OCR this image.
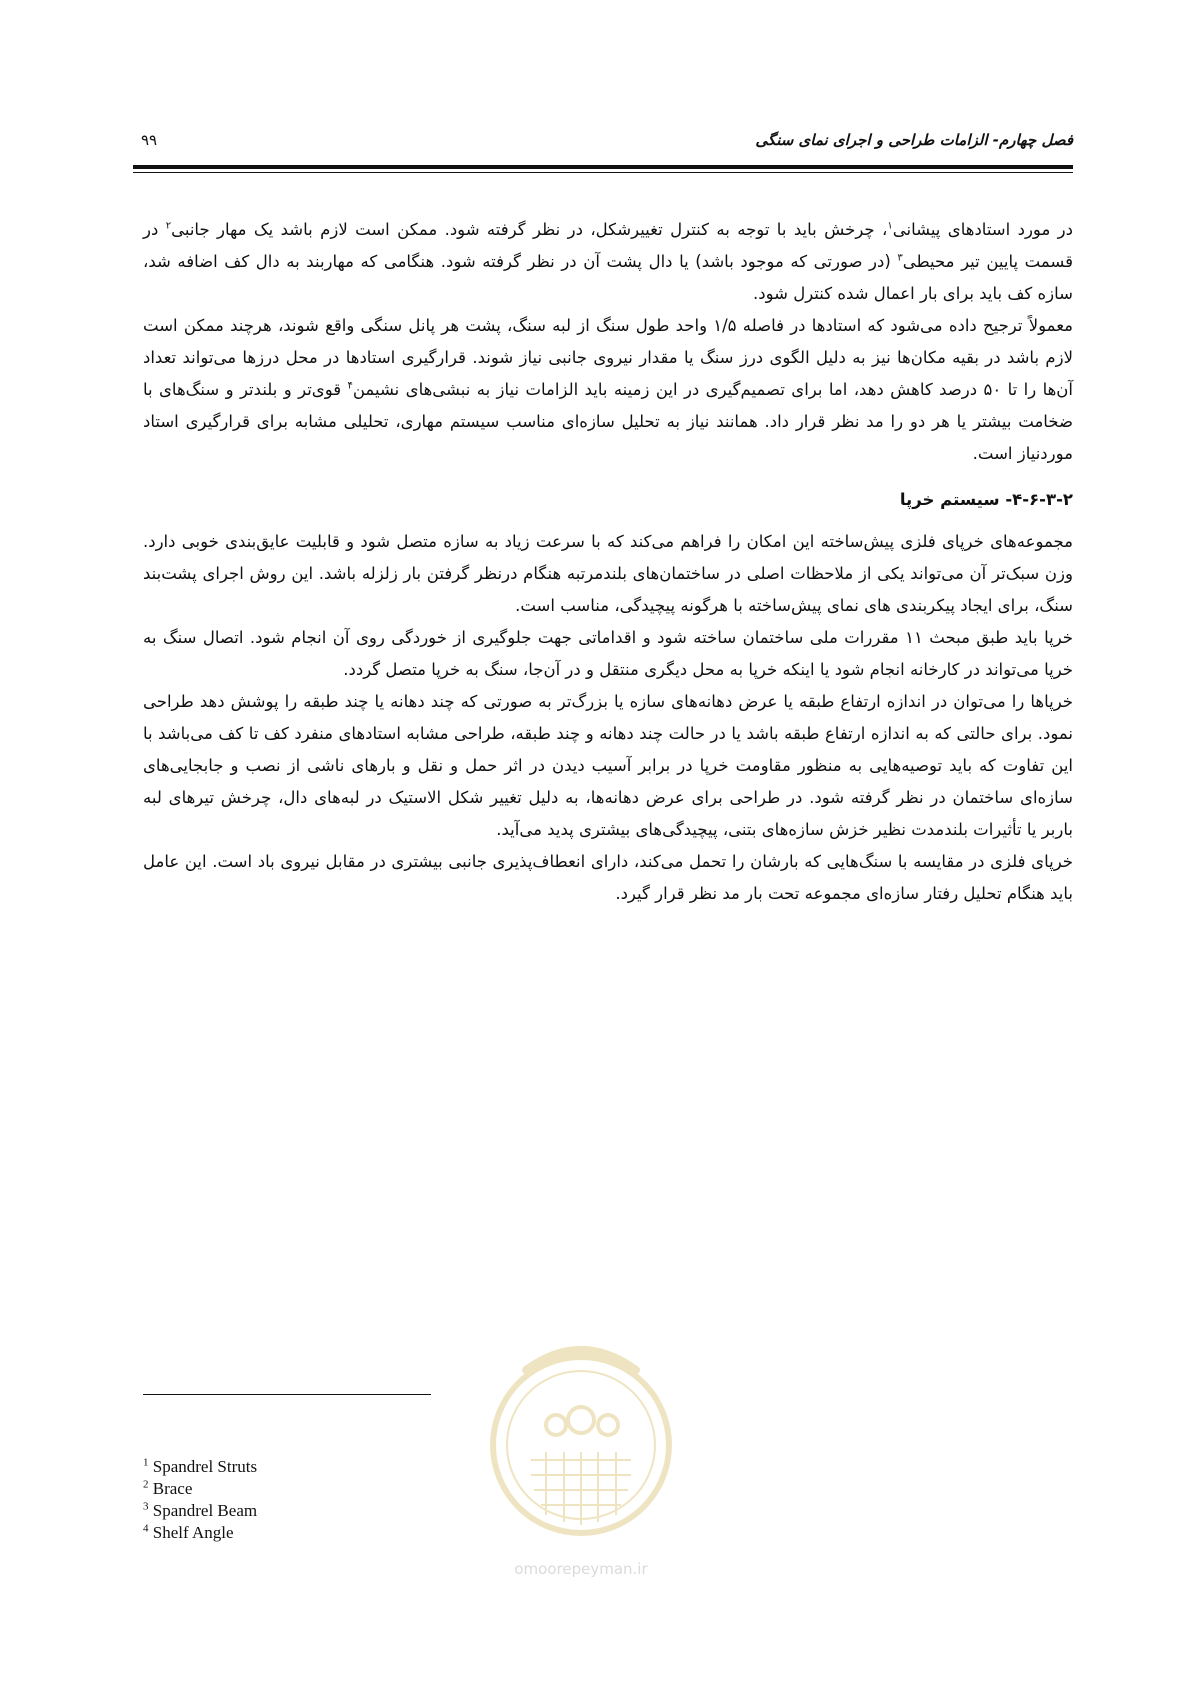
۹۹	فصل چهارم- الزامات طراحی و اجرای نمای سنگی

در مورد استادهای پیشانی$^۱$، چرخش باید با توجه به کنترل تغییرشکل، در نظر گرفته شود. ممکن است لازم باشد یک مهار جانبی$^۲$ در قسمت پایین تیر محیطی$^۳$ (در صورتی که موجود باشد) یا دال پشت آن در نظر گرفته شود. هنگامی که مهاربند به دال کف اضافه شد، سازه کف باید برای بار اعمال شده کنترل شود.

معمولاً ترجیح داده می‌شود که استادها در فاصله ۱/۵ واحد طول سنگ از لبه سنگ، پشت هر پانل سنگی واقع شوند، هرچند ممکن است لازم باشد در بقیه مکان‌ها نیز به دلیل الگوی درز سنگ یا مقدار نیروی جانبی نیاز شوند. قرارگیری استادها در محل درزها می‌تواند تعداد آن‌ها را تا ۵۰ درصد کاهش دهد، اما برای تصمیم‌گیری در این زمینه باید الزامات نیاز به نبشی‌های نشیمن$^۴$ قوی‌تر و بلندتر و سنگ‌های با ضخامت بیشتر یا هر دو را مد نظر قرار داد. همانند نیاز به تحلیل سازه‌ای مناسب سیستم مهاری، تحلیلی مشابه برای قرارگیری استاد موردنیاز است.

۴-۶-۳-۲- سیستم خرپا

مجموعه‌های خرپای فلزی پیش‌ساخته این امکان را فراهم می‌کند که با سرعت زیاد به سازه متصل شود و قابلیت عایق‌بندی خوبی دارد. وزن سبک‌تر آن می‌تواند یکی از ملاحظات اصلی در ساختمان‌های بلندمرتبه هنگام درنظر گرفتن بار زلزله باشد. این روش اجرای پشت‌بند سنگ، برای ایجاد پیکربندی های نمای پیش‌ساخته با هرگونه پیچیدگی، مناسب است.

خرپا باید طبق مبحث ۱۱ مقررات ملی ساختمان ساخته شود و اقداماتی جهت جلوگیری از خوردگی روی آن انجام شود. اتصال سنگ به خرپا می‌تواند در کارخانه انجام شود یا اینکه خرپا به محل دیگری منتقل و در آن‌جا، سنگ به خرپا متصل گردد.

خرپاها را می‌توان در اندازه ارتفاع طبقه یا عرض دهانه‌های سازه یا بزرگ‌تر به صورتی که چند دهانه یا چند طبقه را پوشش دهد طراحی نمود. برای حالتی که به اندازه ارتفاع طبقه باشد یا در حالت چند دهانه و چند طبقه، طراحی مشابه استادهای منفرد کف تا کف می‌باشد با این تفاوت که باید توصیه‌هایی به منظور مقاومت خرپا در برابر آسیب دیدن در اثر حمل و نقل و بارهای ناشی از نصب و جابجایی‌های سازه‌ای ساختمان در نظر گرفته شود. در طراحی برای عرض دهانه‌ها، به دلیل تغییر شکل الاستیک در لبه‌های دال، چرخش تیرهای لبه باربر یا تأثیرات بلندمدت نظیر خزش سازه‌های بتنی، پیچیدگی‌های بیشتری پدید می‌آید.

خرپای فلزی در مقایسه با سنگ‌هایی که بارشان را تحمل می‌کند، دارای انعطاف‌پذیری جانبی بیشتری در مقابل نیروی باد است. این عامل باید هنگام تحلیل رفتار سازه‌ای مجموعه تحت بار مد نظر قرار گیرد.

omoorepeyman.ir
$^1$ Spandrel Struts
$^2$ Brace
$^3$ Spandrel Beam
$^4$ Shelf Angle
